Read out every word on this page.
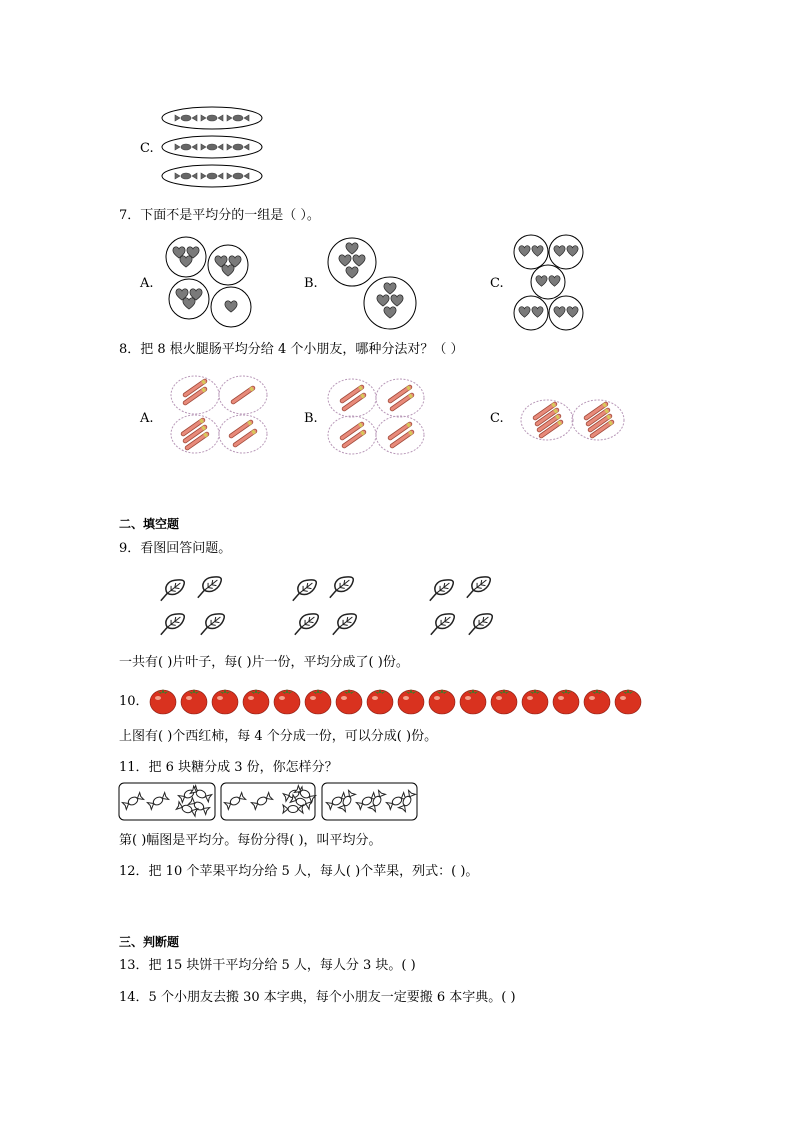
C.
7．下面不是平均分的一组是（ ）。
A.	B.	C.
8．把 8 根火腿肠平均分给 4 个小朋友，哪种分法对？（ ）
A.	B.	C.
二、填空题
9．看图回答问题。
一共有( )片叶子，每( )片一份，平均分成了( )份。
10．
上图有( )个西红柿，每 4 个分成一份，可以分成( )份。
11．把 6 块糖分成 3 份，你怎样分？
第( )幅图是平均分。每份分得( )，叫平均分。
12．把 10 个苹果平均分给 5 人，每人( )个苹果，列式：( )。
三、判断题
13．把 15 块饼干平均分给 5 人，每人分 3 块。( )
14．5 个小朋友去搬 30 本字典，每个小朋友一定要搬 6 本字典。( )
